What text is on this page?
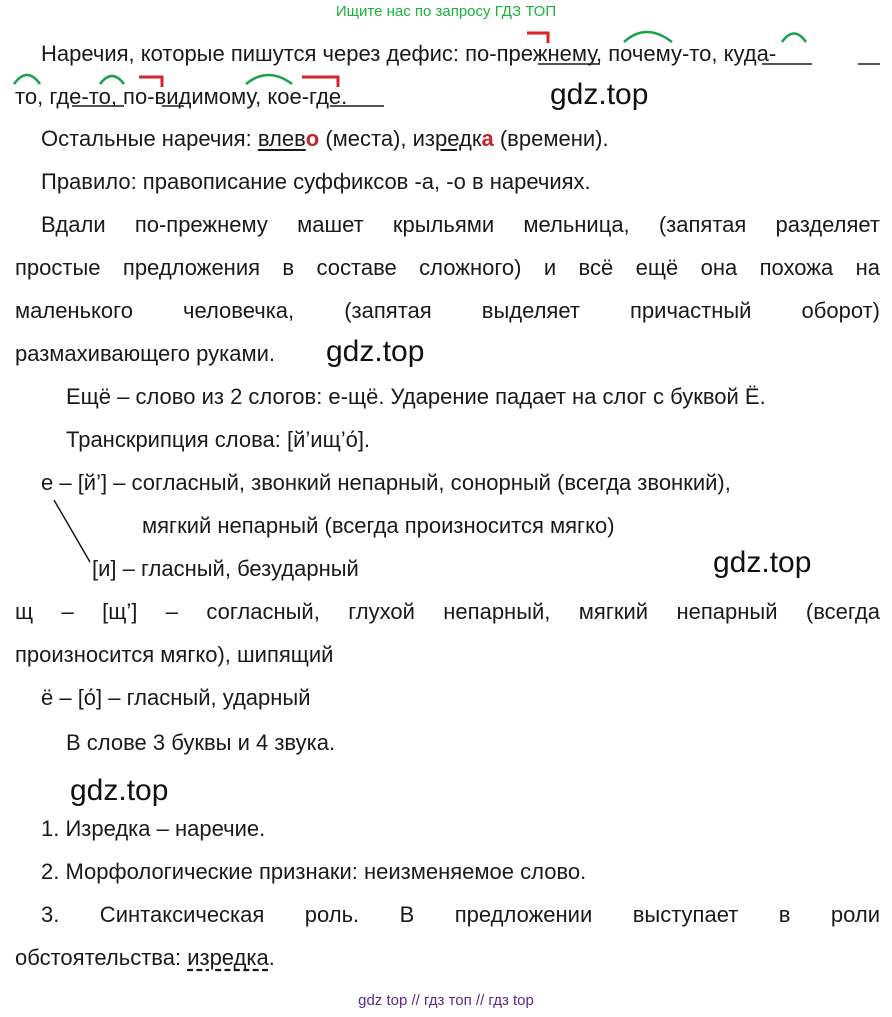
Ищите нас по запросу ГДЗ ТОП
Наречия, которые пишутся через дефис: по-прежнему, почему-то, куда-
то, где-то, по-видимому, кое-где.	gdz.top
Остальные наречия: влево (места), изредка (времени).
Правило: правописание суффиксов -а, -о в наречиях.
Вдали по-прежнему машет крыльями мельница, (запятая разделяет
простые предложения в составе сложного) и всё ещё она похожа на
маленького человечка, (запятая выделяет причастный оборот)
размахивающего руками. gdz.top
Ещё – слово из 2 слогов: е-щё. Ударение падает на слог с буквой Ё.
Транскрипция слова: [й’ищ’о́].
е – [й’] – согласный, звонкий непарный, сонорный (всегда звонкий),
мягкий непарный (всегда произносится мягко)
[и] – гласный, безударный	gdz.top
щ – [щ’] – согласный, глухой непарный, мягкий непарный (всегда
произносится мягко), шипящий
ё – [о́] – гласный, ударный
В слове 3 буквы и 4 звука.
gdz.top
1. Изредка – наречие.
2. Морфологические признаки: неизменяемое слово.
3. Синтаксическая роль. В предложении выступает в роли
обстоятельства: изредка.
gdz top // гдз топ // гдз top
